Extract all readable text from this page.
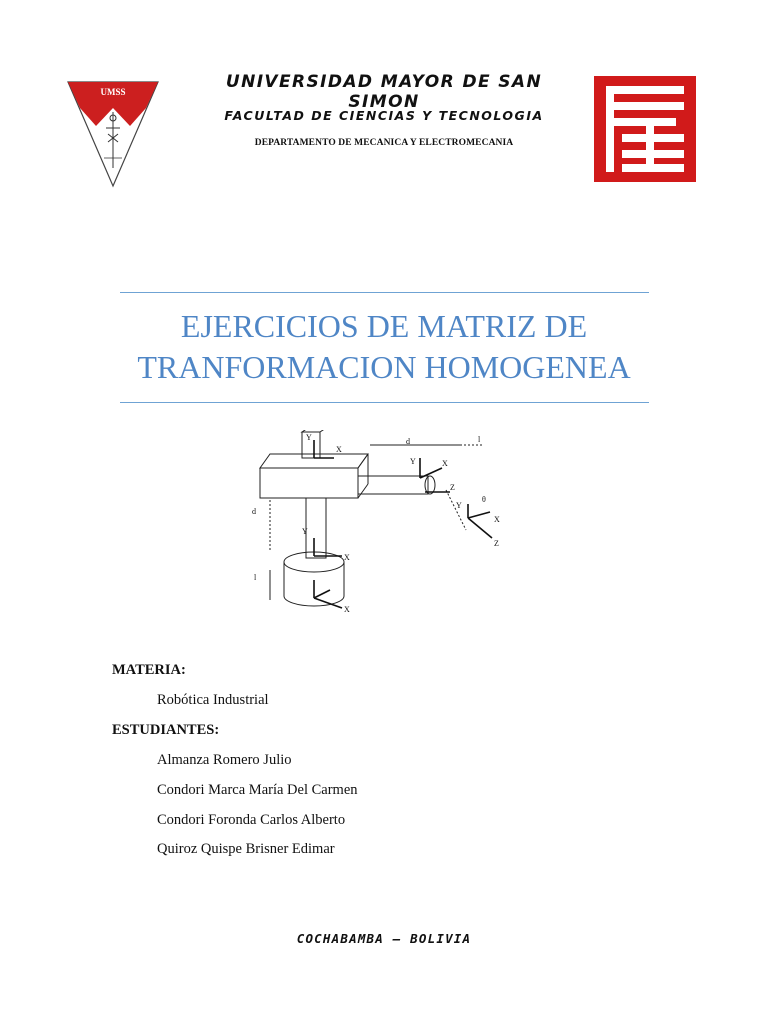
UMSS	UNIVERSIDAD MAYOR DE SAN SIMON
FACULTAD DE CIENCIAS Y TECNOLOGIA
DEPARTAMENTO DE MECANICA Y ELECTROMECANIA
EJERCICIOS DE MATRIZ DE
TRANFORMACION HOMOGENEA
Y
X
Y	X
Z
d	l
d
l
Y
X
X
θ
X
Z
Y
MATERIA:
Robótica Industrial
ESTUDIANTES:
Almanza Romero Julio
Condori Marca María Del Carmen
Condori Foronda Carlos Alberto
Quiroz Quispe Brisner Edimar
COCHABAMBA – BOLIVIA
